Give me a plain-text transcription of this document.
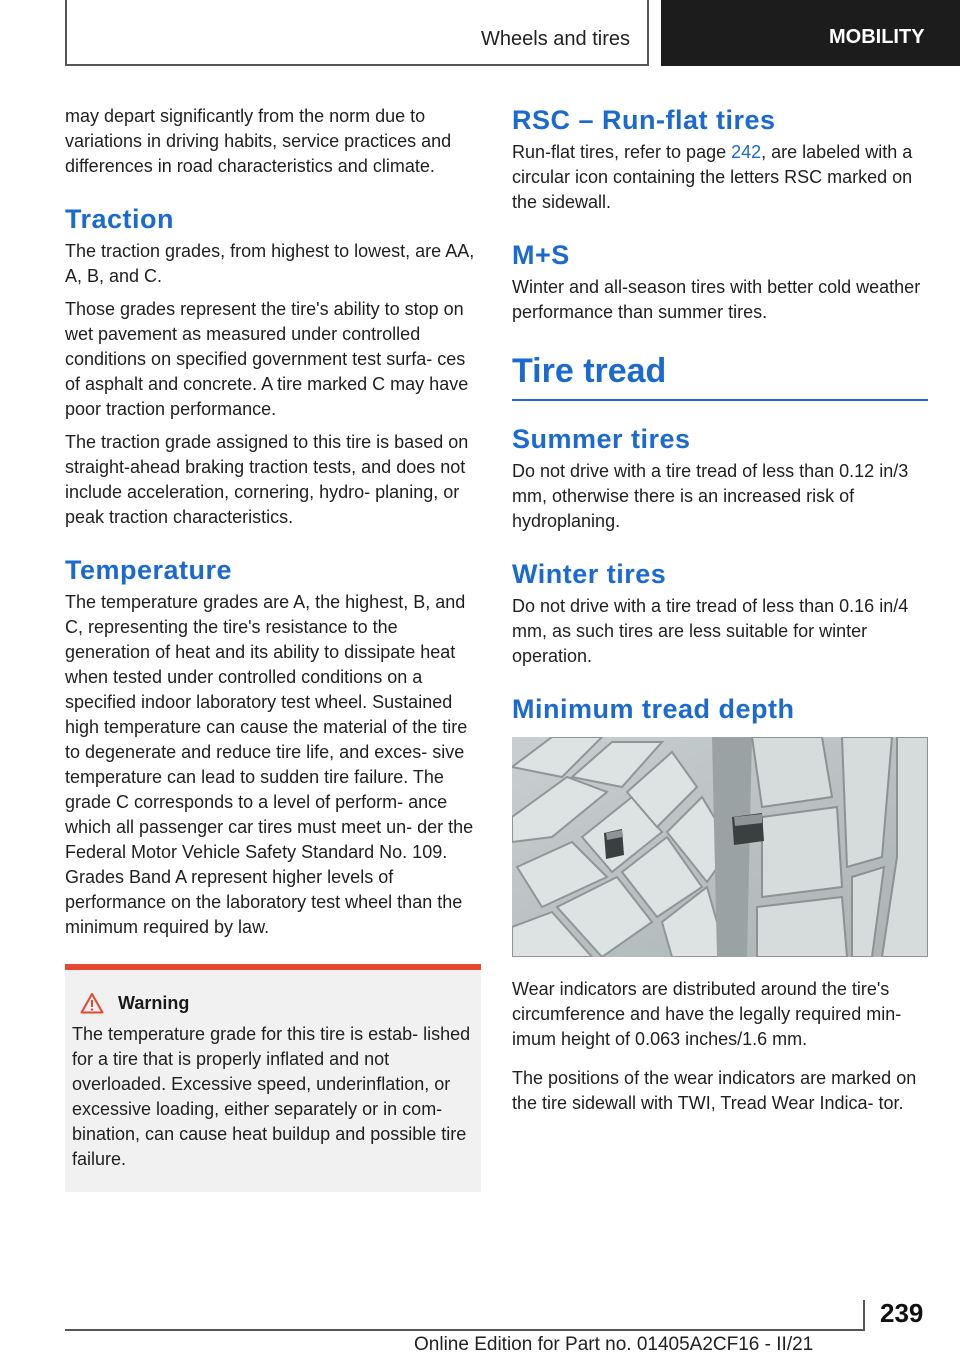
Wheels and tires	MOBILITY

may depart significantly from the norm due to variations in driving habits, service practices and differences in road characteristics and climate.

Traction

The traction grades, from highest to lowest, are AA, A, B, and C.

Those grades represent the tire's ability to stop on wet pavement as measured under controlled conditions on specified government test surfa‐ ces of asphalt and concrete. A tire marked C may have poor traction performance.

The traction grade assigned to this tire is based on straight-ahead braking traction tests, and does not include acceleration, cornering, hydro‐ planing, or peak traction characteristics.

Temperature

The temperature grades are A, the highest, B, and C, representing the tire's resistance to the generation of heat and its ability to dissipate heat when tested under controlled conditions on a specified indoor laboratory test wheel. Sustained high temperature can cause the material of the tire to degenerate and reduce tire life, and exces‐ sive temperature can lead to sudden tire failure. The grade C corresponds to a level of perform‐ ance which all passenger car tires must meet un‐ der the Federal Motor Vehicle Safety Standard No. 109. Grades Band A represent higher levels of performance on the laboratory test wheel than the minimum required by law.

Warning

The temperature grade for this tire is estab‐ lished for a tire that is properly inflated and not overloaded. Excessive speed, underinflation, or excessive loading, either separately or in com‐ bination, can cause heat buildup and possible tire failure.

RSC – Run-flat tires

Run-flat tires, refer to page 242, are labeled with a circular icon containing the letters RSC marked on the sidewall.

M+S

Winter and all-season tires with better cold weather performance than summer tires.

Tire tread
Summer tires

Do not drive with a tire tread of less than 0.12 in/3 mm, otherwise there is an increased risk of hydroplaning.

Winter tires

Do not drive with a tire tread of less than 0.16 in/4 mm, as such tires are less suitable for winter operation.

Minimum tread depth

Wear indicators are distributed around the tire's circumference and have the legally required min‐ imum height of 0.063 inches/1.6 mm.

The positions of the wear indicators are marked on the tire sidewall with TWI, Tread Wear Indica‐ tor.

239
Online Edition for Part no. 01405A2CF16 - II/21
